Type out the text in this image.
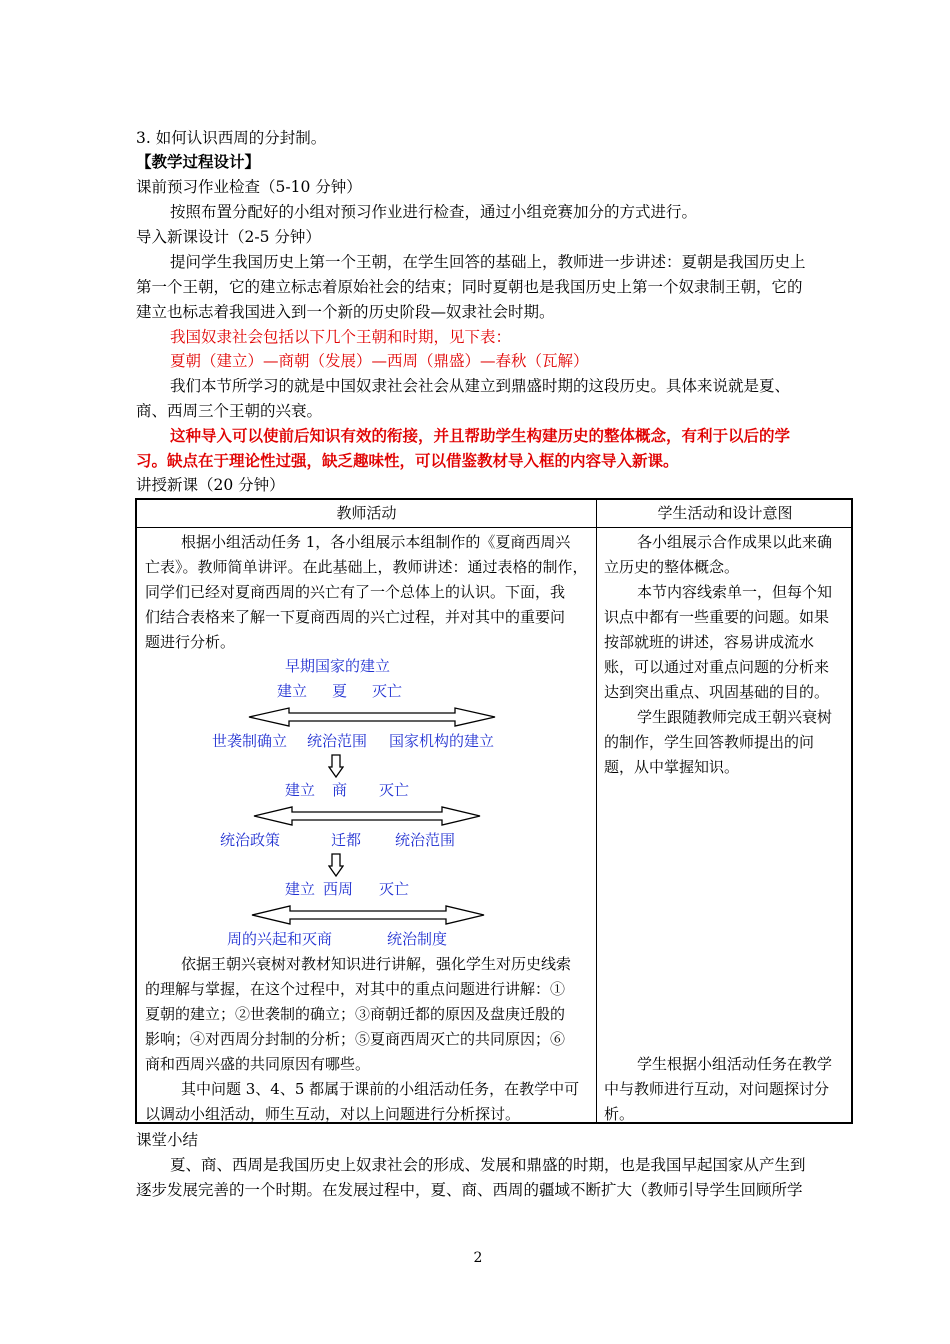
3. 如何认识西周的分封制。
【教学过程设计】
课前预习作业检查（5-10 分钟）
按照布置分配好的小组对预习作业进行检查，通过小组竞赛加分的方式进行。
导入新课设计（2-5 分钟）
提问学生我国历史上第一个王朝，在学生回答的基础上，教师进一步讲述：夏朝是我国历史上
第一个王朝，它的建立标志着原始社会的结束；同时夏朝也是我国历史上第一个奴隶制王朝，它的
建立也标志着我国进入到一个新的历史阶段—奴隶社会时期。
我国奴隶社会包括以下几个王朝和时期，见下表：
夏朝（建立）—商朝（发展）—西周（鼎盛）—春秋（瓦解）
我们本节所学习的就是中国奴隶社会社会从建立到鼎盛时期的这段历史。具体来说就是夏、
商、西周三个王朝的兴衰。
这种导入可以使前后知识有效的衔接，并且帮助学生构建历史的整体概念，有利于以后的学
习。缺点在于理论性过强，缺乏趣味性，可以借鉴教材导入框的内容导入新课。
讲授新课（20 分钟）
教师活动	学生活动和设计意图
根据小组活动任务 1，各小组展示本组制作的《夏商西周兴
亡表》。教师简单讲评。在此基础上，教师讲述：通过表格的制作，
同学们已经对夏商西周的兴亡有了一个总体上的认识。下面，我
们结合表格来了解一下夏商西周的兴亡过程，并对其中的重要问
题进行分析。
早期国家的建立
建立 夏 灭亡
世袭制确立 统治范围 国家机构的建立
建立 商 灭亡
统治政策	迁都 统治范围
建立 西周 灭亡
周的兴起和灭商	统治制度
依据王朝兴衰树对教材知识进行讲解，强化学生对历史线索
的理解与掌握，在这个过程中，对其中的重点问题进行讲解：①
夏朝的建立；②世袭制的确立；③商朝迁都的原因及盘庚迁殷的
影响；④对西周分封制的分析；⑤夏商西周灭亡的共同原因；⑥
商和西周兴盛的共同原因有哪些。
其中问题 3、4、5 都属于课前的小组活动任务，在教学中可
以调动小组活动，师生互动，对以上问题进行分析探讨。
各小组展示合作成果以此来确
立历史的整体概念。
本节内容线索单一，但每个知
识点中都有一些重要的问题。如果
按部就班的讲述，容易讲成流水
账，可以通过对重点问题的分析来
达到突出重点、巩固基础的目的。
学生跟随教师完成王朝兴衰树
的制作，学生回答教师提出的问
题，从中掌握知识。
学生根据小组活动任务在教学
中与教师进行互动，对问题探讨分
析。
课堂小结
夏、商、西周是我国历史上奴隶社会的形成、发展和鼎盛的时期，也是我国早起国家从产生到
逐步发展完善的一个时期。在发展过程中，夏、商、西周的疆域不断扩大（教师引导学生回顾所学
2
